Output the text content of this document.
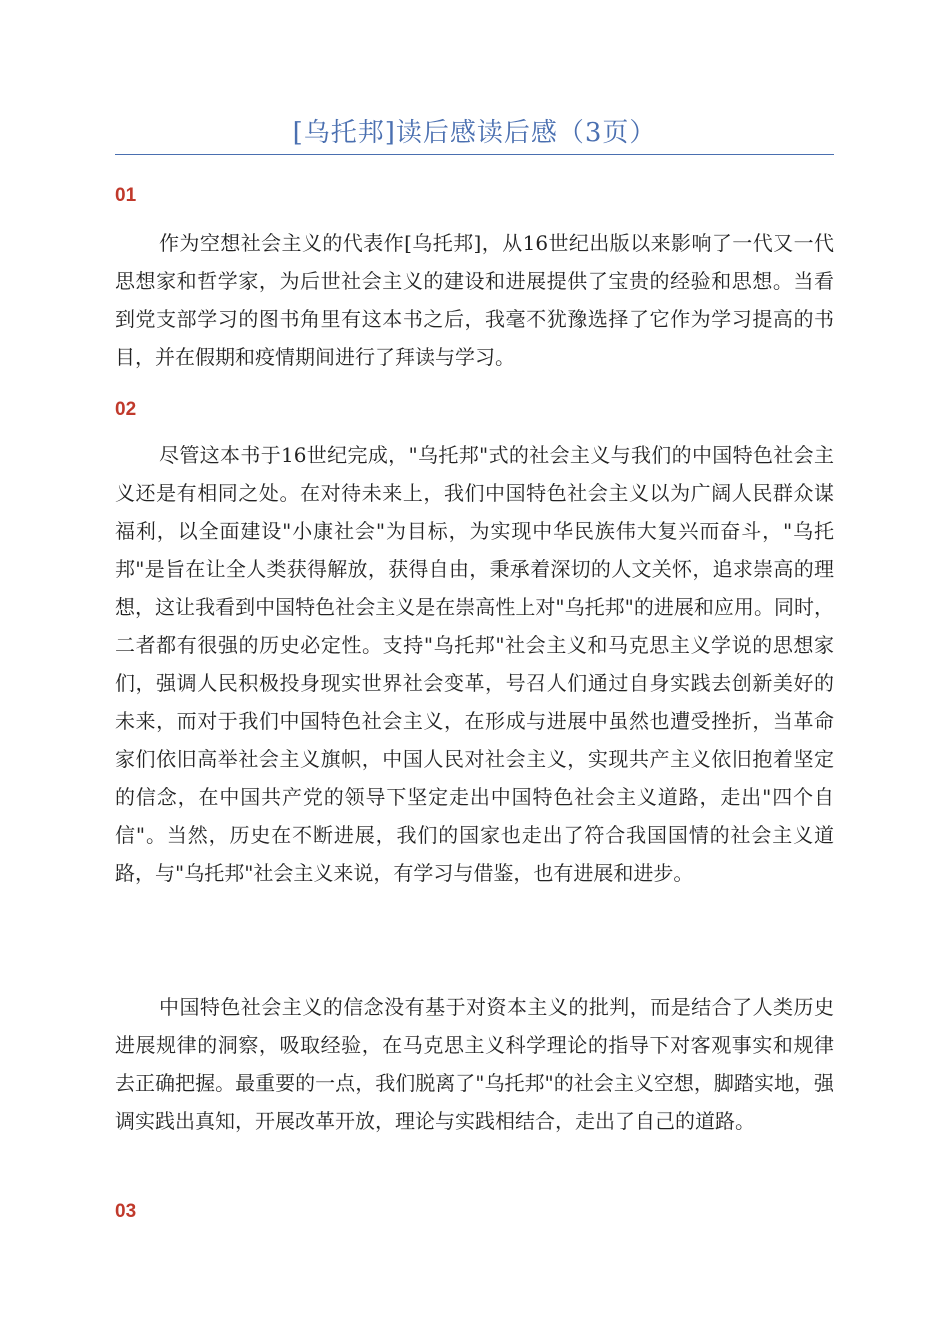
[乌托邦]读后感读后感（3页）
01

作为空想社会主义的代表作[乌托邦]，从16世纪出版以来影响了一代又一代思想家和哲学家，为后世社会主义的建设和进展提供了宝贵的经验和思想。当看到党支部学习的图书角里有这本书之后，我毫不犹豫选择了它作为学习提高的书目，并在假期和疫情期间进行了拜读与学习。

02

尽管这本书于16世纪完成，"乌托邦"式的社会主义与我们的中国特色社会主义还是有相同之处。在对待未来上，我们中国特色社会主义以为广阔人民群众谋福利，以全面建设"小康社会"为目标，为实现中华民族伟大复兴而奋斗，"乌托邦"是旨在让全人类获得解放，获得自由，秉承着深切的人文关怀，追求崇高的理想，这让我看到中国特色社会主义是在崇高性上对"乌托邦"的进展和应用。同时，二者都有很强的历史必定性。支持"乌托邦"社会主义和马克思主义学说的思想家们，强调人民积极投身现实世界社会变革，号召人们通过自身实践去创新美好的未来，而对于我们中国特色社会主义，在形成与进展中虽然也遭受挫折，当革命家们依旧高举社会主义旗帜，中国人民对社会主义，实现共产主义依旧抱着坚定的信念，在中国共产党的领导下坚定走出中国特色社会主义道路，走出"四个自信"。当然，历史在不断进展，我们的国家也走出了符合我国国情的社会主义道路，与"乌托邦"社会主义来说，有学习与借鉴，也有进展和进步。

中国特色社会主义的信念没有基于对资本主义的批判，而是结合了人类历史进展规律的洞察，吸取经验，在马克思主义科学理论的指导下对客观事实和规律去正确把握。最重要的一点，我们脱离了"乌托邦"的社会主义空想，脚踏实地，强调实践出真知，开展改革开放，理论与实践相结合，走出了自己的道路。

03
